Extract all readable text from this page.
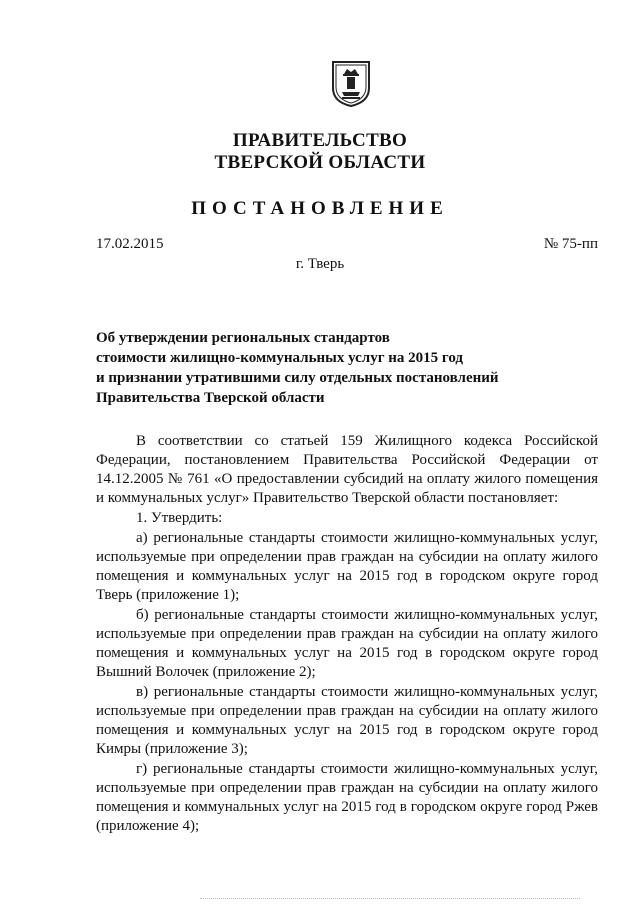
ПРАВИТЕЛЬСТВО
ТВЕРСКОЙ ОБЛАСТИ
ПОСТАНОВЛЕНИЕ
17.02.2015	№ 75-пп
г. Тверь
Об утверждении региональных стандартов
стоимости жилищно-коммунальных услуг на 2015 год
и признании утратившими силу отдельных постановлений
Правительства Тверской области

В соответствии со статьей 159 Жилищного кодекса Российской Федерации, постановлением Правительства Российской Федерации от 14.12.2005 № 761 «О предоставлении субсидий на оплату жилого помещения и коммунальных услуг» Правительство Тверской области постановляет:

1. Утвердить:

а) региональные стандарты стоимости жилищно-коммунальных услуг, используемые при определении прав граждан на субсидии на оплату жилого помещения и коммунальных услуг на 2015 год в городском округе город Тверь (приложение 1);

б) региональные стандарты стоимости жилищно-коммунальных услуг, используемые при определении прав граждан на субсидии на оплату жилого помещения и коммунальных услуг на 2015 год в городском округе город Вышний Волочек (приложение 2);

в) региональные стандарты стоимости жилищно-коммунальных услуг, используемые при определении прав граждан на субсидии на оплату жилого помещения и коммунальных услуг на 2015 год в городском округе город Кимры (приложение 3);

г) региональные стандарты стоимости жилищно-коммунальных услуг, используемые при определении прав граждан на субсидии на оплату жилого помещения и коммунальных услуг на 2015 год в городском округе город Ржев (приложение 4);
